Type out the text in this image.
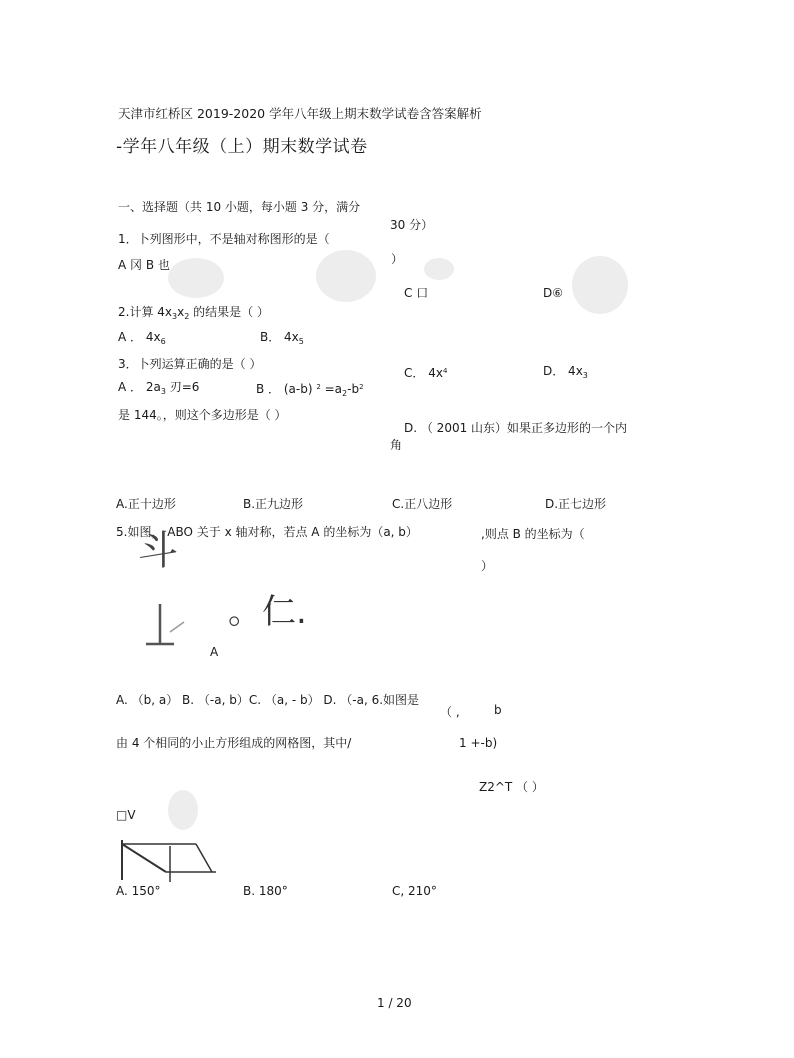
天津市红桥区 2019-2020 学年八年级上期末数学试卷含答案解析
-学年八年级（上）期末数学试卷
一、选择题（共 10 小题，每小题 3 分，满分
30 分）
1．卜列图形中，不是轴对称图形的是（
）
A 冈 B 也
C 口	D⑥
2.计算 $4x_3x_2$ 的结果是（ ）
A ． $4x_6$	B． $4x_5$
3．卜列运算正确的是（ ）
C． $4x^4$	D． $4x_3$
A ． $2a_3$ 刃=6	B ． (a-b) $^2 =a_2-b^2$
是 144。，则这个多边形是（ ）
D. （ 2001 山东）如果正多边形的一个内
角
A.正十边形	B.正九边形	C.正八边形	D.正七边形
5.如图， ABO 关于 x 轴对称，若点 A 的坐标为（a, b）	,则点 B 的坐标为（
）
斗
。仁.
A
A. （b, a） B. （-a, b）C. （a, - b） D. （-a, 6.如图是
（ ,	b
由 4 个相同的小止方形组成的网格图，其中/	1 +-b)
Z2^T （ ）
□V
A. 150°	B. 180°	C, 210°
1 / 20
